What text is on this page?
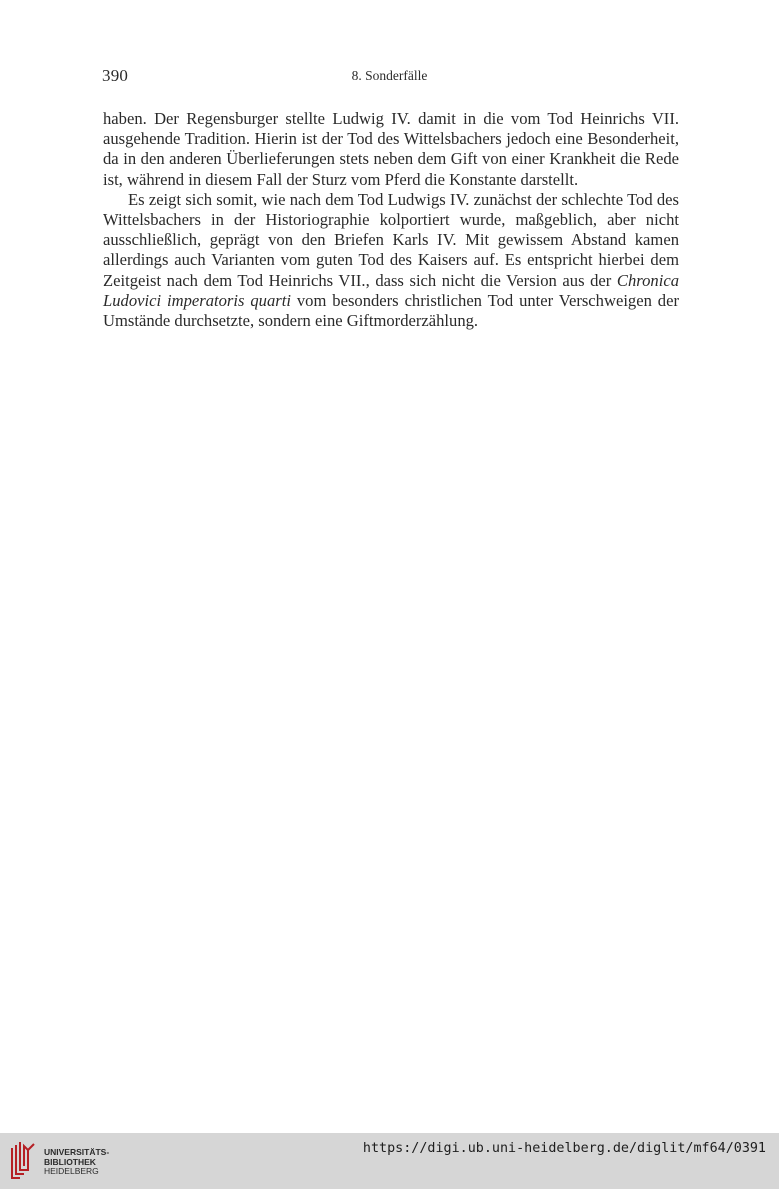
390	8. Sonderfälle

haben. Der Regensburger stellte Ludwig IV. damit in die vom Tod Heinrichs VII. ausgehende Tradition. Hierin ist der Tod des Wittelsbachers jedoch eine Besonderheit, da in den anderen Überlieferungen stets neben dem Gift von einer Krankheit die Rede ist, während in diesem Fall der Sturz vom Pferd die Konstante darstellt.

Es zeigt sich somit, wie nach dem Tod Ludwigs IV. zunächst der schlechte Tod des Wittelsbachers in der Historiographie kolportiert wurde, maßgeblich, aber nicht ausschließlich, geprägt von den Briefen Karls IV. Mit gewissem Abstand kamen allerdings auch Varianten vom guten Tod des Kaisers auf. Es entspricht hierbei dem Zeitgeist nach dem Tod Heinrichs VII., dass sich nicht die Version aus der Chronica Ludovici imperatoris quarti vom besonders christlichen Tod unter Verschweigen der Umstände durchsetzte, sondern eine Giftmorderzählung.

UNIVERSITÄTS-
BIBLIOTHEK
HEIDELBERG
https://digi.ub.uni-heidelberg.de/diglit/mf64/0391
